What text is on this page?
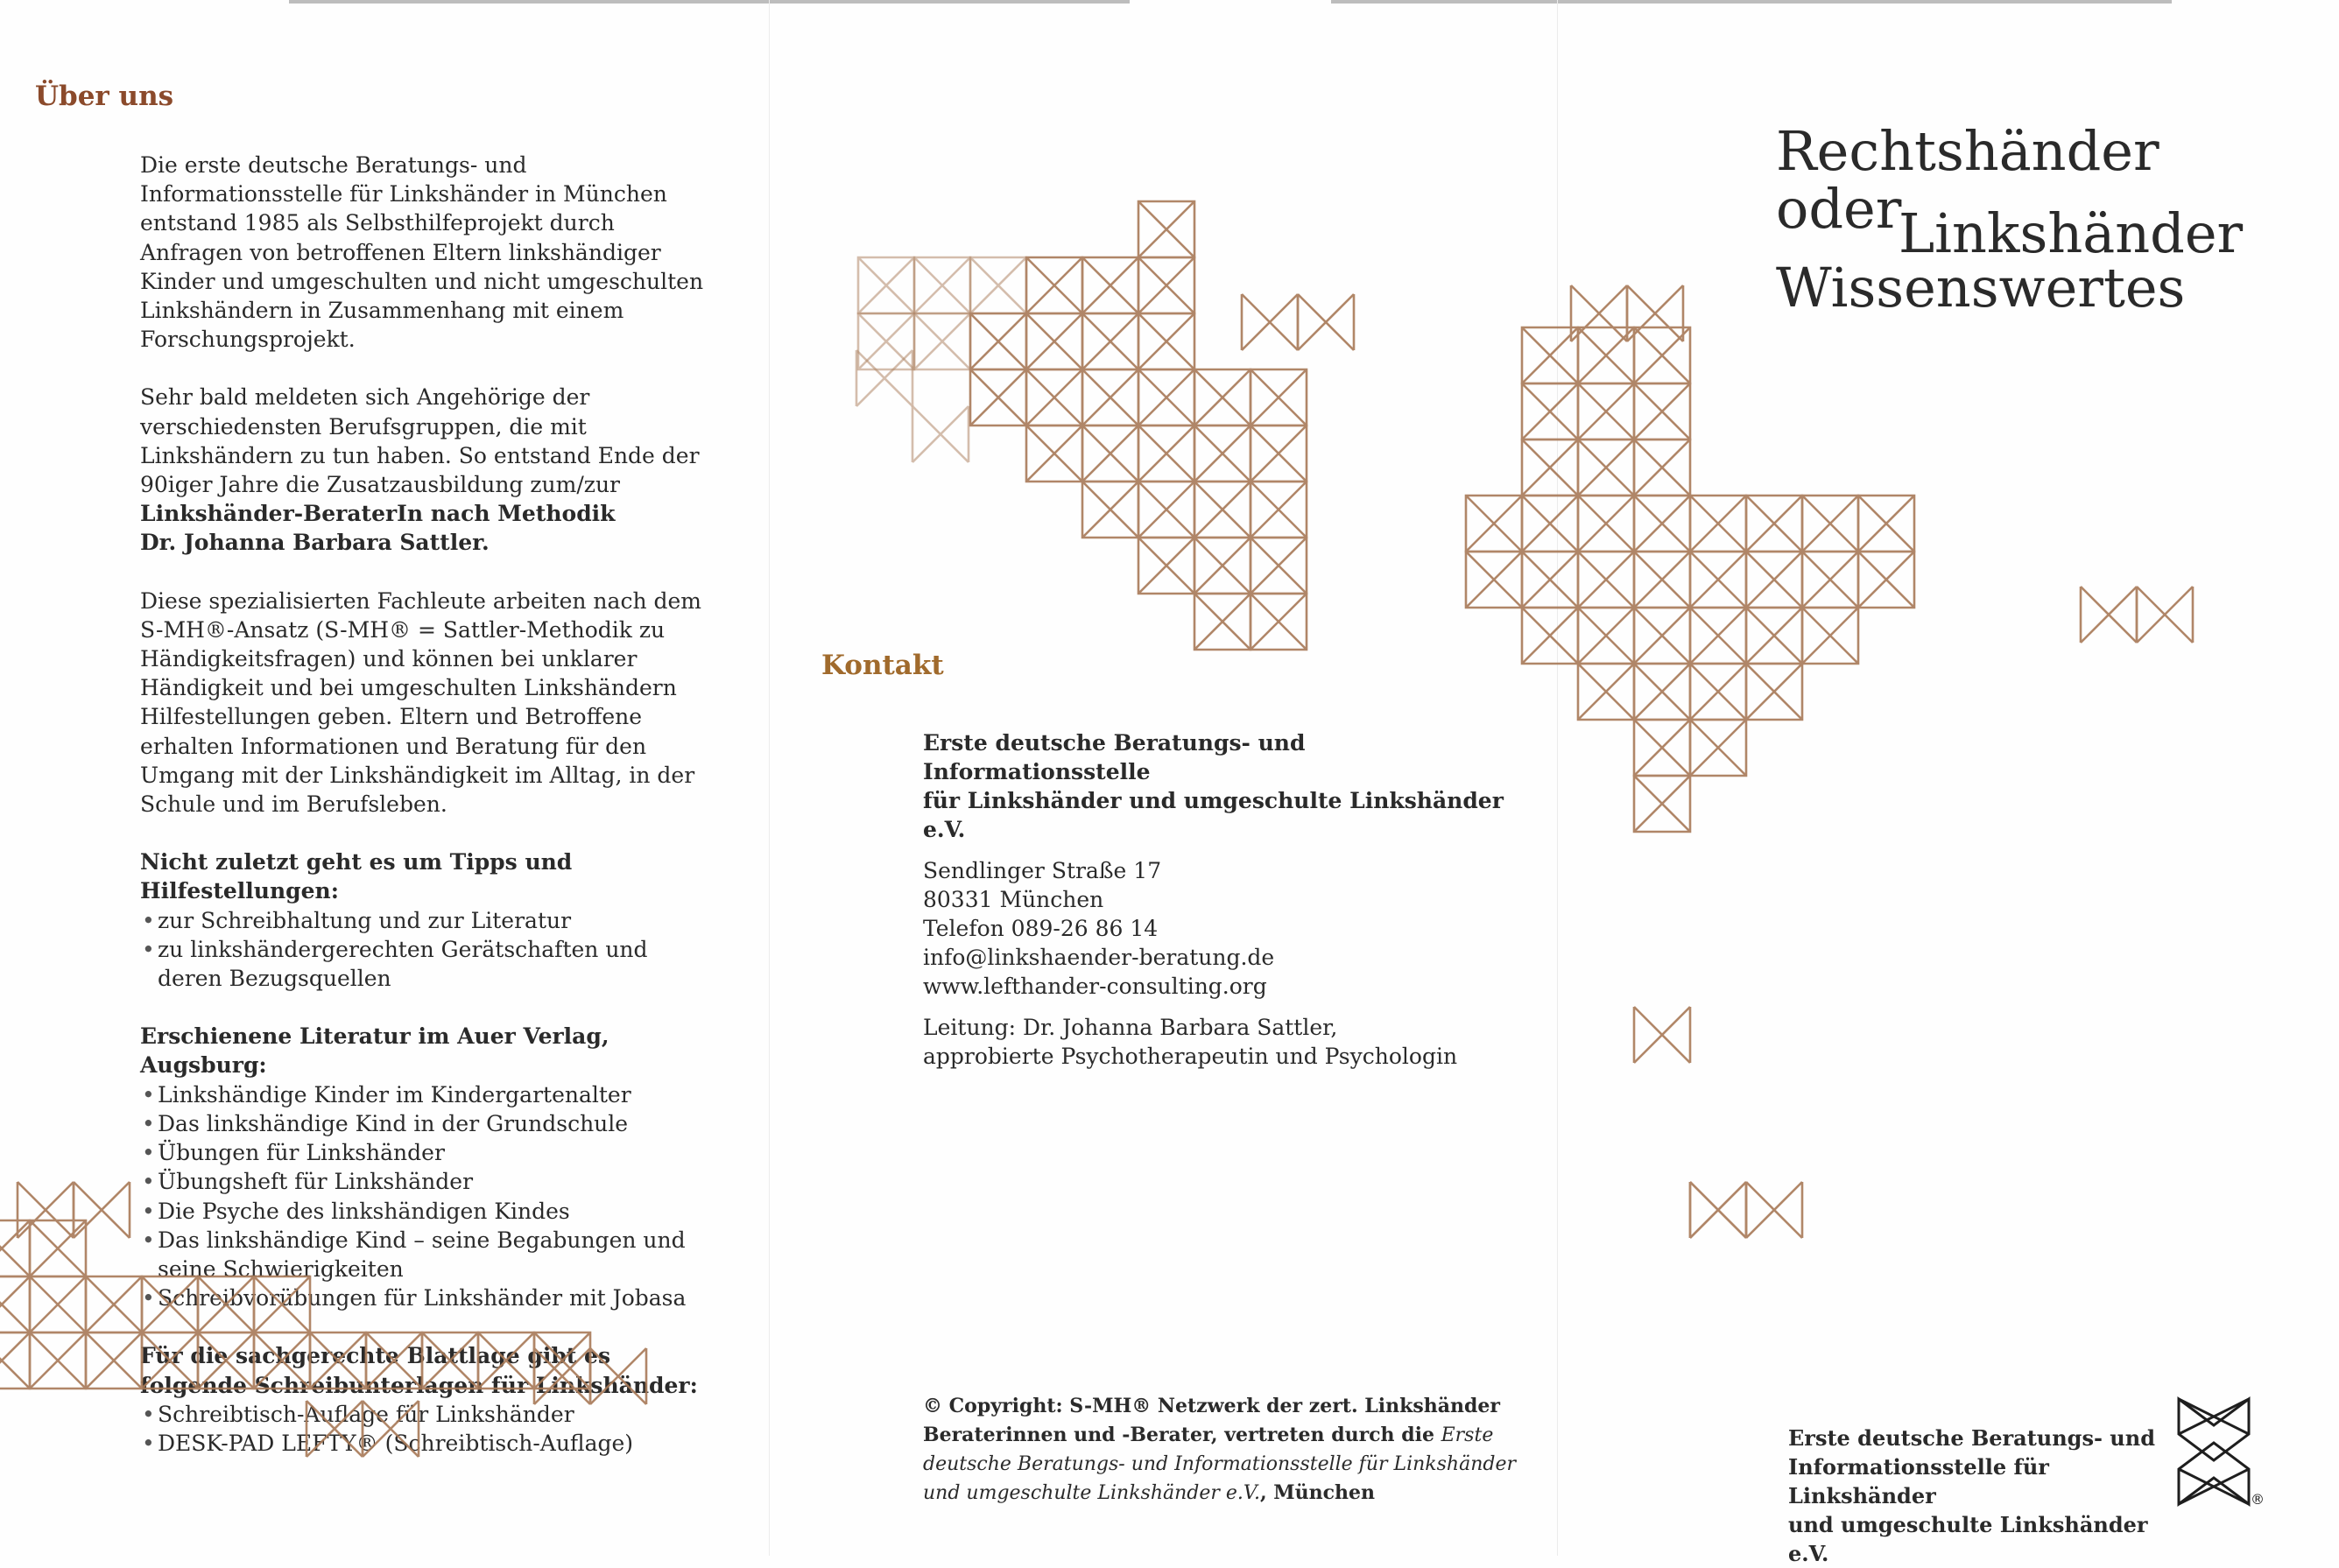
Über uns

Die erste deutsche Beratungs- und Informationsstelle für Linkshänder in München entstand 1985 als Selbsthilfeprojekt durch Anfragen von betroffenen Eltern linkshändiger Kinder und umgeschulten und nicht umgeschulten Linkshändern in Zusammenhang mit einem Forschungsprojekt.

Sehr bald meldeten sich Angehörige der verschiedensten Berufsgruppen, die mit Linkshändern zu tun haben. So entstand Ende der 90iger Jahre die Zusatzausbildung zum/zur

Linkshänder-BeraterIn nach Methodik

Dr. Johanna Barbara Sattler.

Diese spezialisierten Fachleute arbeiten nach dem S-MH®-Ansatz (S-MH® = Sattler-Methodik zu Händigkeitsfragen) und können bei unklarer Händigkeit und bei umgeschulten Linkshändern Hilfestellungen geben. Eltern und Betroffene erhalten Informationen und Beratung für den Umgang mit der Linkshändigkeit im Alltag, in der Schule und im Berufsleben.

Nicht zuletzt geht es um Tipps und Hilfestellungen:

• zur Schreibhaltung und zur Literatur
• zu linkshändergerechten Gerätschaften und deren Bezugsquellen

Erschienene Literatur im Auer Verlag, Augsburg:

• Linkshändige Kinder im Kindergartenalter
• Das linkshändige Kind in der Grundschule
• Übungen für Linkshänder
• Übungsheft für Linkshänder
• Die Psyche des linkshändigen Kindes
• Das linkshändige Kind – seine Begabungen und seine Schwierigkeiten
• Schreibvorübungen für Linkshänder mit Jobasa

Für die sachgerechte Blattlage gibt es folgende Schreibunterlagen für Linkshänder:

• Schreibtisch-Auflage für Linkshänder
• DESK-PAD LEFTY® (Schreibtisch-Auflage)
Kontakt
Erste deutsche Beratungs- und Informationsstelle
für Linkshänder und umgeschulte Linkshänder e.V.
Sendlinger Straße 17
80331 München
Telefon 089-26 86 14
info@linkshaender-beratung.de
www.lefthander-consulting.org
Leitung: Dr. Johanna Barbara Sattler,
approbierte Psychotherapeutin und Psychologin
© Copyright: S-MH® Netzwerk der zert. Linkshänder
Beraterinnen und -Berater, vertreten durch die Erste
deutsche Beratungs- und Informationsstelle für Linkshänder
und umgeschulte Linkshänder e.V., München
Rechtshänder
oder
Linkshänder
Wissenswertes
Erste deutsche Beratungs- und
Informationsstelle für Linkshänder
und umgeschulte Linkshänder e.V.
®
